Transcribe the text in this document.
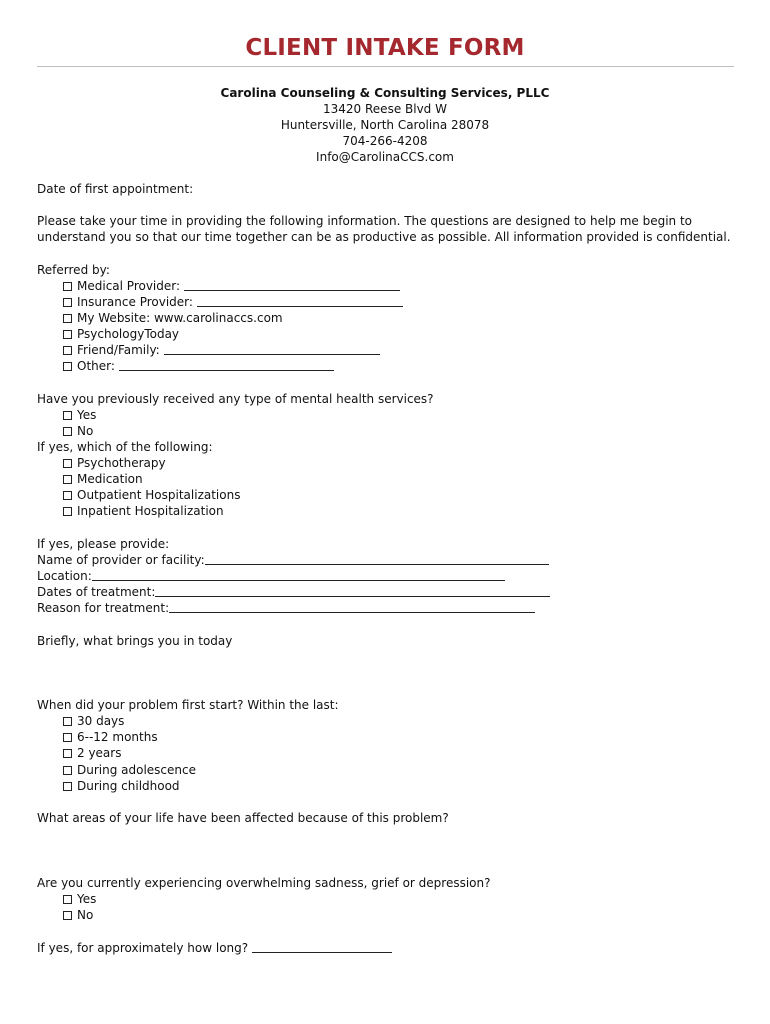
CLIENT INTAKE FORM
Carolina Counseling & Consulting Services, PLLC
13420 Reese Blvd W
Huntersville, North Carolina 28078
704-266-4208
Info@CarolinaCCS.com
Date of first appointment:
Please take your time in providing the following information. The questions are designed to help me begin to understand you so that our time together can be as productive as possible. All information provided is confidential.
Referred by:
Medical Provider:
Insurance Provider:
My Website: www.carolinaccs.com
PsychologyToday
Friend/Family:
Other:
Have you previously received any type of mental health services?
Yes
No
If yes, which of the following:
Psychotherapy
Medication
Outpatient Hospitalizations
Inpatient Hospitalization
If yes, please provide:
Name of provider or facility:
Location:
Dates of treatment:
Reason for treatment:
Briefly, what brings you in today
When did your problem first start? Within the last:
30 days
6--12 months
2 years
During adolescence
During childhood
What areas of your life have been affected because of this problem?
Are you currently experiencing overwhelming sadness, grief or depression?
Yes
No
If yes, for approximately how long?
